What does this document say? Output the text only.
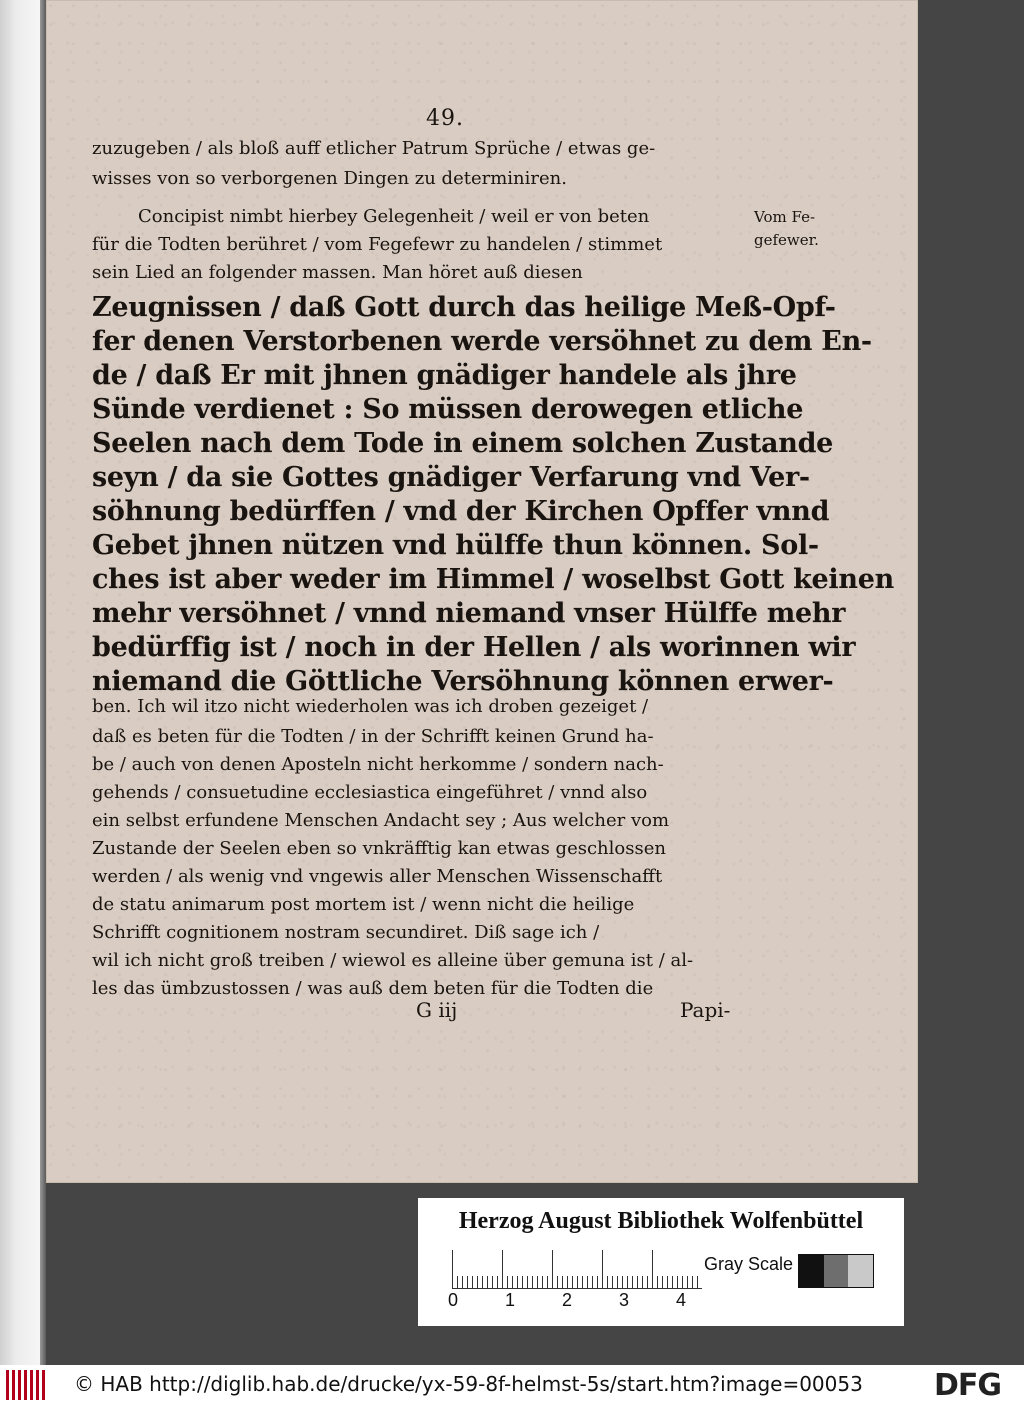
49.
zuzugeben / als bloß auff etlicher Patrum Sprüche / etwas ge-
wisses von so verborgenen Dingen zu determiniren.
Concipist nimbt hierbey Gelegenheit / weil er von beten
für die Todten berühret / vom Fegefewr zu handelen / stimmet
sein Lied an folgender massen. Man höret auß diesen
Zeugnissen / daß Gott durch das heilige Meß-Opf-
fer denen Verstorbenen werde versöhnet zu dem En-
de / daß Er mit jhnen gnädiger handele als jhre
Sünde verdienet : So müssen derowegen etliche
Seelen nach dem Tode in einem solchen Zustande
seyn / da sie Gottes gnädiger Verfarung vnd Ver-
söhnung bedürffen / vnd der Kirchen Opffer vnnd
Gebet jhnen nützen vnd hülffe thun können. Sol-
ches ist aber weder im Himmel / woselbst Gott keinen
mehr versöhnet / vnnd niemand vnser Hülffe mehr
bedürffig ist / noch in der Hellen / als worinnen wir
niemand die Göttliche Versöhnung können erwer-
ben. Ich wil itzo nicht wiederholen was ich droben gezeiget /
daß es beten für die Todten / in der Schrifft keinen Grund ha-
be / auch von denen Aposteln nicht herkomme / sondern nach-
gehends / consuetudine ecclesiastica eingeführet / vnnd also
ein selbst erfundene Menschen Andacht sey ; Aus welcher vom
Zustande der Seelen eben so vnkräfftig kan etwas geschlossen
werden / als wenig vnd vngewis aller Menschen Wissenschafft
de statu animarum post mortem ist / wenn nicht die heilige
Schrifft cognitionem nostram secundiret. Diß sage ich /
wil ich nicht groß treiben / wiewol es alleine über gemuna ist / al-
les das ümbzustossen / was auß dem beten für die Todten die
G iij	Papi-
Vom Fe-
gefewer.
Herzog August Bibliothek Wolfenbüttel
0	1	2	3	4
Gray Scale
© HAB http://diglib.hab.de/drucke/yx-59-8f-helmst-5s/start.htm?image=00053 DFG
